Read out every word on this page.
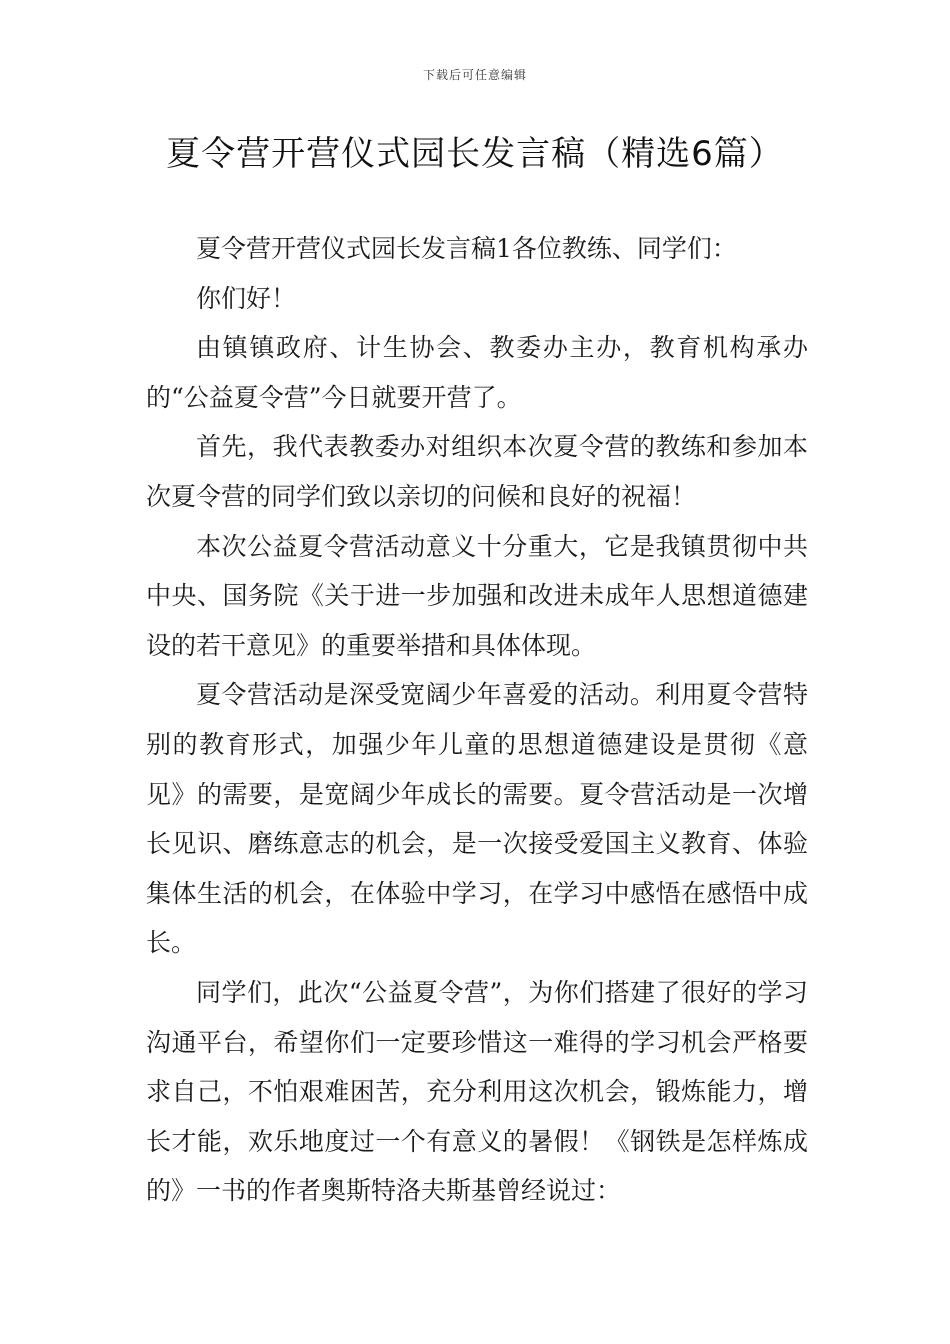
下载后可任意编辑
夏令营开营仪式园长发言稿（精选6篇）

夏令营开营仪式园长发言稿1各位教练、同学们：

你们好！

由镇镇政府、计生协会、教委办主办，教育机构承办的“公益夏令营”今日就要开营了。

首先，我代表教委办对组织本次夏令营的教练和参加本次夏令营的同学们致以亲切的问候和良好的祝福！

本次公益夏令营活动意义十分重大，它是我镇贯彻中共中央、国务院《关于进一步加强和改进未成年人思想道德建设的若干意见》的重要举措和具体体现。

夏令营活动是深受宽阔少年喜爱的活动。利用夏令营特别的教育形式，加强少年儿童的思想道德建设是贯彻《意见》的需要，是宽阔少年成长的需要。夏令营活动是一次增长见识、磨练意志的机会，是一次接受爱国主义教育、体验集体生活的机会，在体验中学习，在学习中感悟在感悟中成长。

同学们，此次“公益夏令营”，为你们搭建了很好的学习沟通平台，希望你们一定要珍惜这一难得的学习机会严格要求自己，不怕艰难困苦，充分利用这次机会，锻炼能力，增长才能，欢乐地度过一个有意义的暑假！《钢铁是怎样炼成的》一书的作者奥斯特洛夫斯基曾经说过：
